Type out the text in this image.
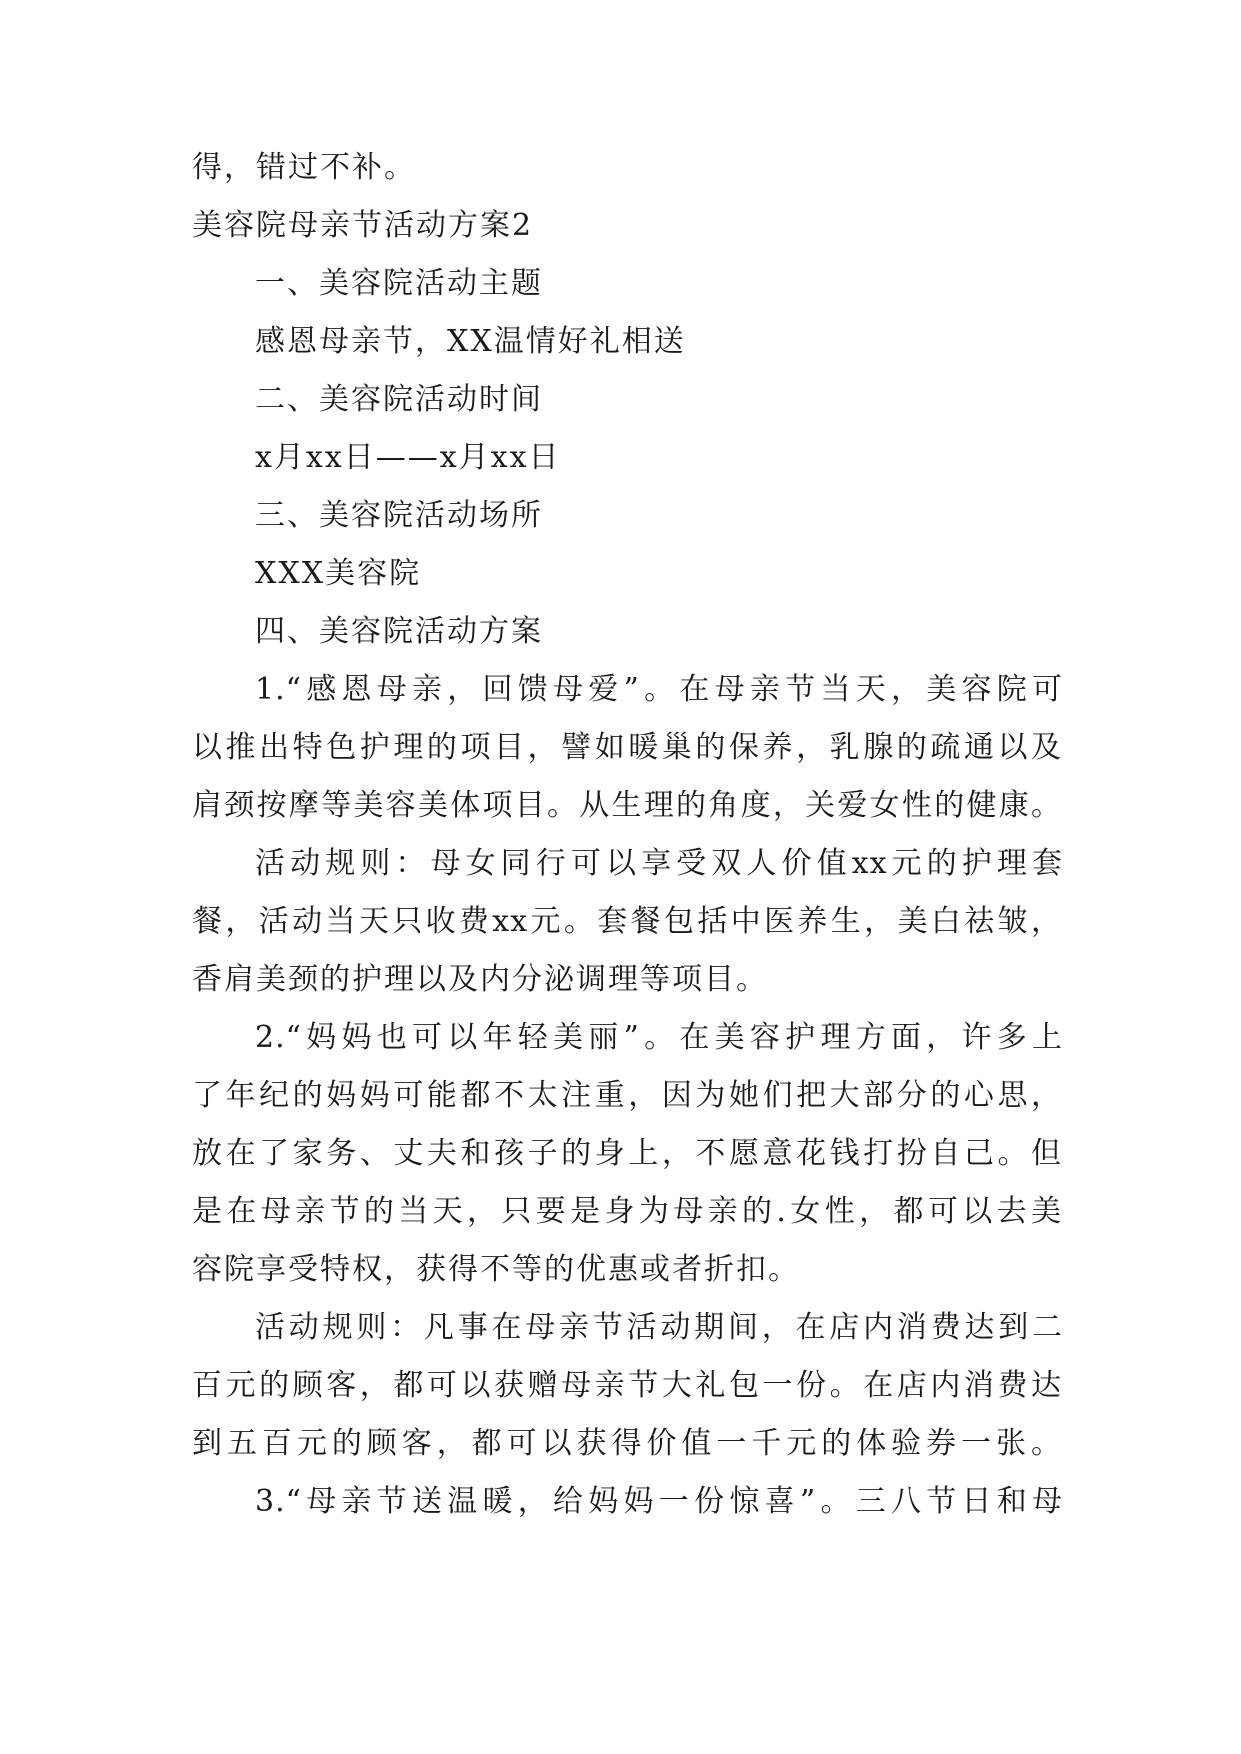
得，错过不补。
美容院母亲节活动方案2
一、美容院活动主题
感恩母亲节，XX温情好礼相送
二、美容院活动时间
x月xx日——x月xx日
三、美容院活动场所
XXX美容院
四、美容院活动方案
1.“感恩母亲，回馈母爱”。在母亲节当天，美容院可
以推出特色护理的项目，譬如暖巢的保养，乳腺的疏通以及
肩颈按摩等美容美体项目。从生理的角度，关爱女性的健康。
活动规则：母女同行可以享受双人价值xx元的护理套
餐，活动当天只收费xx元。套餐包括中医养生，美白祛皱，
香肩美颈的护理以及内分泌调理等项目。
2.“妈妈也可以年轻美丽”。在美容护理方面，许多上
了年纪的妈妈可能都不太注重，因为她们把大部分的心思，
放在了家务、丈夫和孩子的身上，不愿意花钱打扮自己。但
是在母亲节的当天，只要是身为母亲的.女性，都可以去美
容院享受特权，获得不等的优惠或者折扣。
活动规则：凡事在母亲节活动期间，在店内消费达到二
百元的顾客，都可以获赠母亲节大礼包一份。在店内消费达
到五百元的顾客，都可以获得价值一千元的体验券一张。
3.“母亲节送温暖，给妈妈一份惊喜”。三八节日和母
